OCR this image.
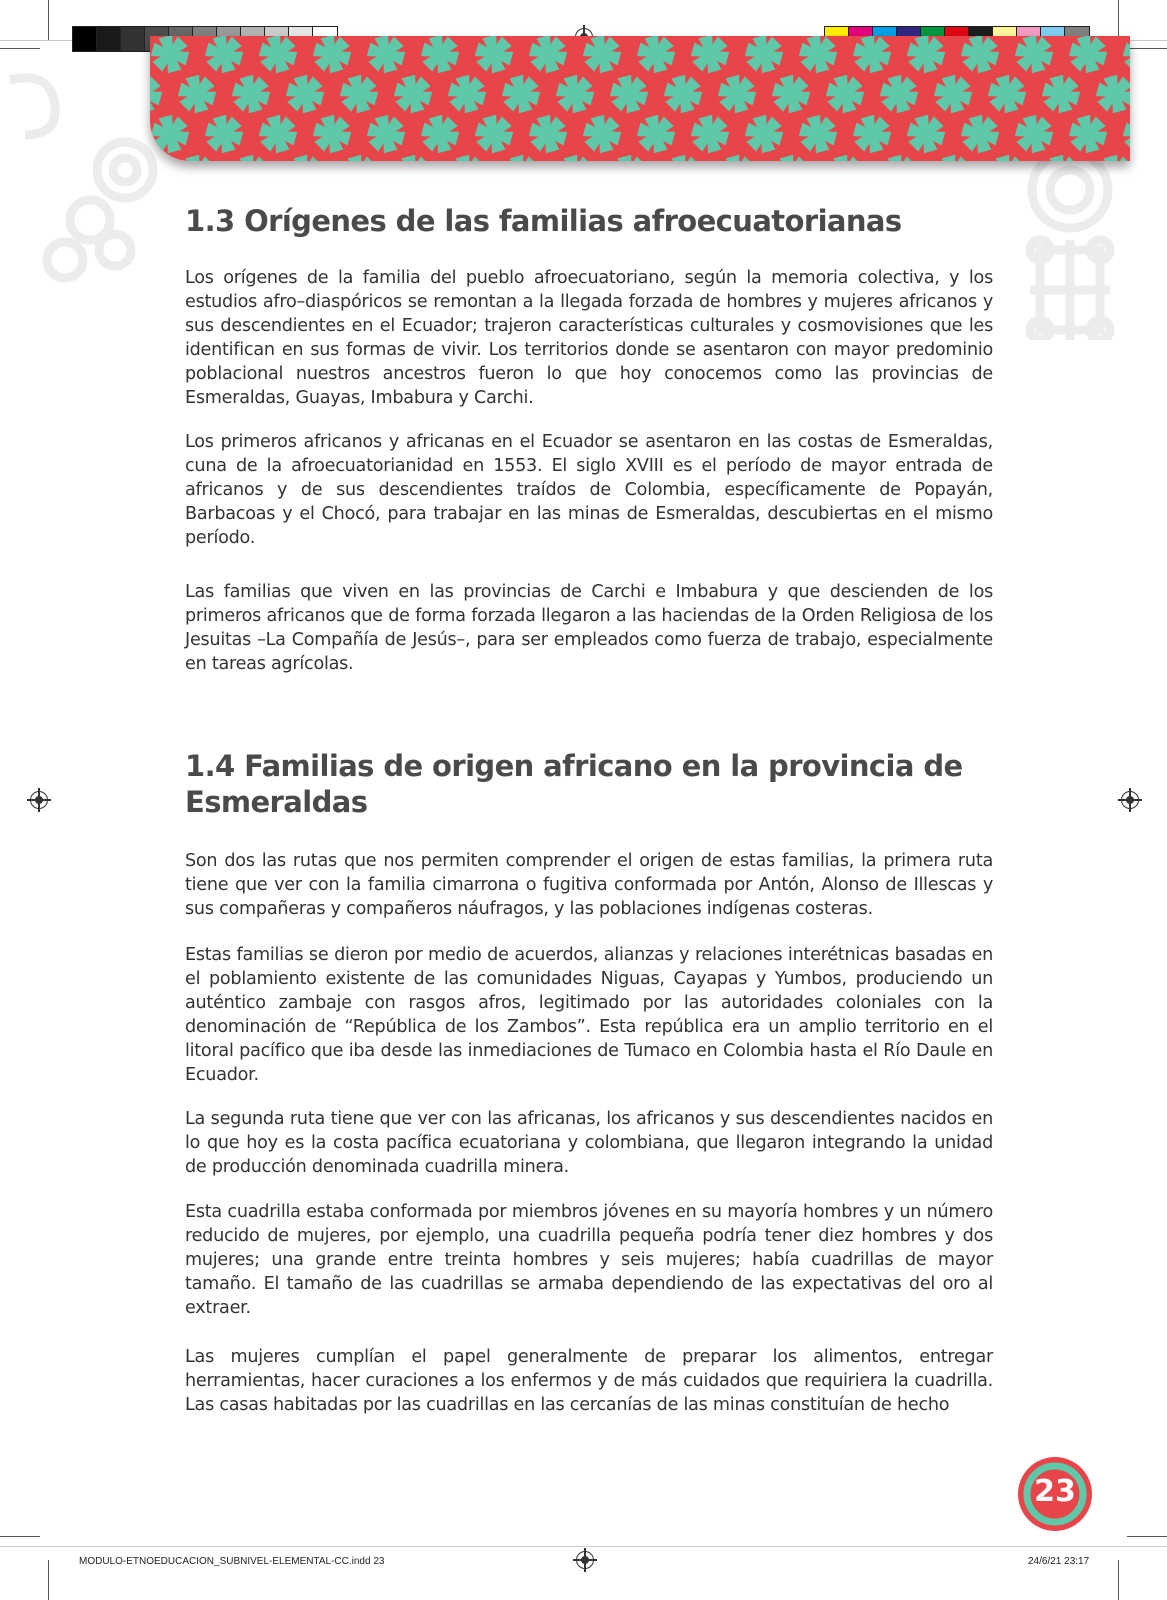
1.3 Orígenes de las familias afroecuatorianas

Los orígenes de la familia del pueblo afroecuatoriano, según la memoria colectiva, y los estudios afro–diaspóricos se remontan a la llegada forzada de hombres y mujeres africanos y sus descendientes en el Ecuador; trajeron características culturales y cosmovisiones que les identifican en sus formas de vivir. Los territorios donde se asentaron con mayor predominio poblacional nuestros ancestros fueron lo que hoy conocemos como las provincias de Esmeraldas, Guayas, Imbabura y Carchi.

Los primeros africanos y africanas en el Ecuador se asentaron en las costas de Esmeraldas, cuna de la afroecuatorianidad en 1553. El siglo XVIII es el período de mayor entrada de africanos y de sus descendientes traídos de Colombia, específicamente de Popayán, Barbacoas y el Chocó, para trabajar en las minas de Esmeraldas, descubiertas en el mismo período.

Las familias que viven en las provincias de Carchi e Imbabura y que descienden de los primeros africanos que de forma forzada llegaron a las haciendas de la Orden Religiosa de los Jesuitas –La Compañía de Jesús–, para ser empleados como fuerza de trabajo, especialmente en tareas agrícolas.

1.4 Familias de origen africano en la provincia de
Esmeraldas

Son dos las rutas que nos permiten comprender el origen de estas familias, la primera ruta tiene que ver con la familia cimarrona o fugitiva conformada por Antón, Alonso de Illescas y sus compañeras y compañeros náufragos, y las poblaciones indígenas costeras.

Estas familias se dieron por medio de acuerdos, alianzas y relaciones interétnicas basadas en el poblamiento existente de las comunidades Niguas, Cayapas y Yumbos, produciendo un auténtico zambaje con rasgos afros, legitimado por las autoridades coloniales con la denominación de “República de los Zambos”. Esta república era un amplio territorio en el litoral pacífico que iba desde las inmediaciones de Tumaco en Colombia hasta el Río Daule en Ecuador.

La segunda ruta tiene que ver con las africanas, los africanos y sus descendientes nacidos en lo que hoy es la costa pacífica ecuatoriana y colombiana, que llegaron integrando la unidad de producción denominada cuadrilla minera.

Esta cuadrilla estaba conformada por miembros jóvenes en su mayoría hombres y un número reducido de mujeres, por ejemplo, una cuadrilla pequeña podría tener diez hombres y dos mujeres; una grande entre treinta hombres y seis mujeres; había cuadrillas de mayor tamaño. El tamaño de las cuadrillas se armaba dependiendo de las expectativas del oro al extraer.

Las mujeres cumplían el papel generalmente de preparar los alimentos, entregar herramientas, hacer curaciones a los enfermos y de más cuidados que requiriera la cuadrilla. Las casas habitadas por las cuadrillas en las cercanías de las minas constituían de hecho

23
MODULO-ETNOEDUCACION_SUBNIVEL-ELEMENTAL-CC.indd 23	24/6/21 23:17
